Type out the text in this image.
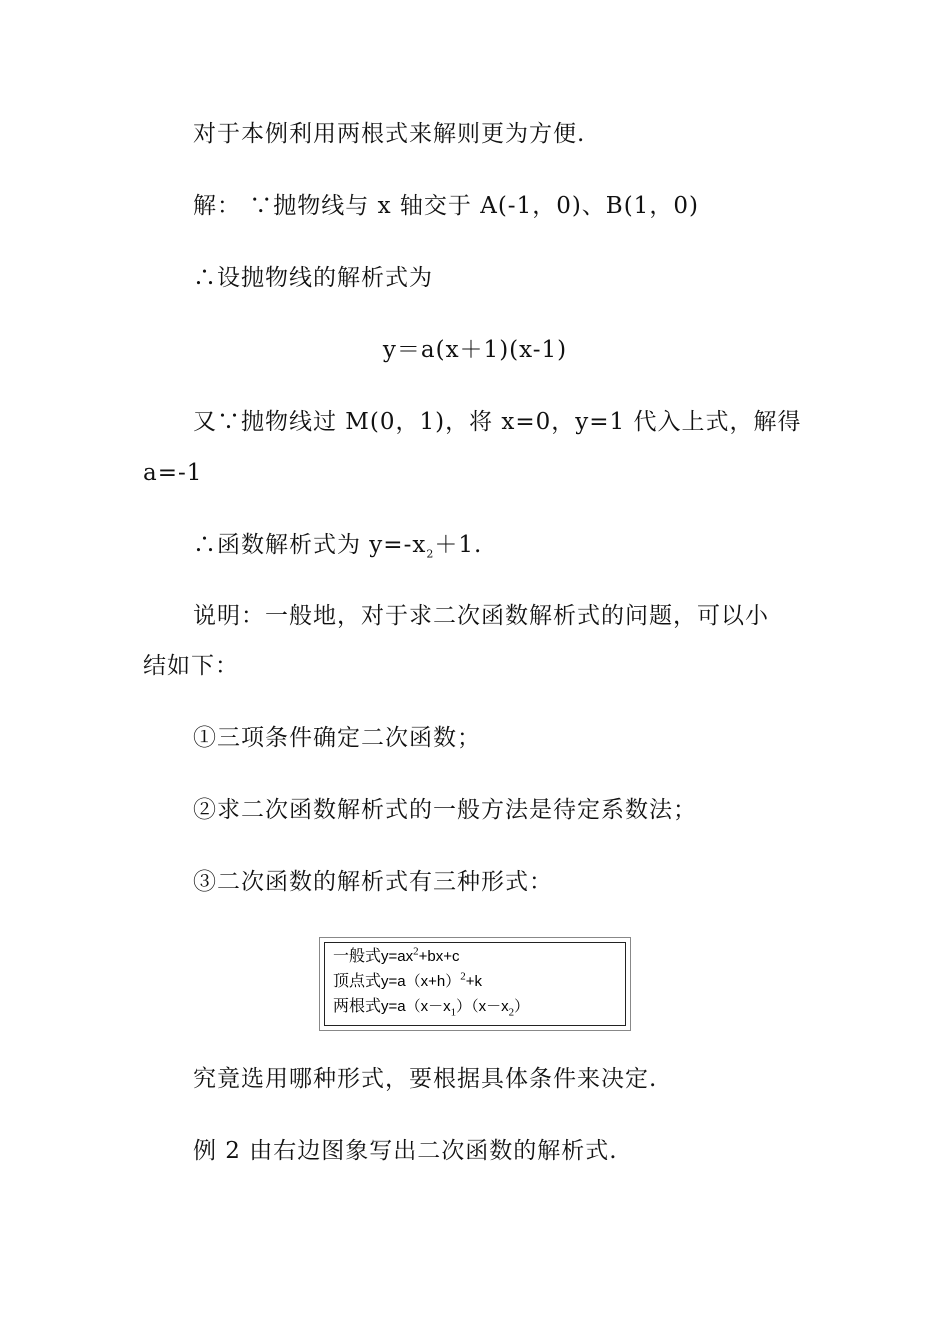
对于本例利用两根式来解则更为方便.
解： ∵抛物线与 x 轴交于 A(-1，0)、B(1，0)
∴设抛物线的解析式为
y＝a(x＋1)(x-1)
又∵抛物线过 M(0，1)，将 x=0，y=1 代入上式，解得
a=-1
∴函数解析式为 $y=-x_2+1$.
说明：一般地，对于求二次函数解析式的问题，可以小
结如下：
①三项条件确定二次函数；
②求二次函数解析式的一般方法是待定系数法；
③二次函数的解析式有三种形式：
一般式$y=ax^2+bx+c$
顶点式$y=a(x+h)^2+k$
两根式$y=a(x-x_1)(x-x_2)$
究竟选用哪种形式，要根据具体条件来决定.
例 2 由右边图象写出二次函数的解析式.
